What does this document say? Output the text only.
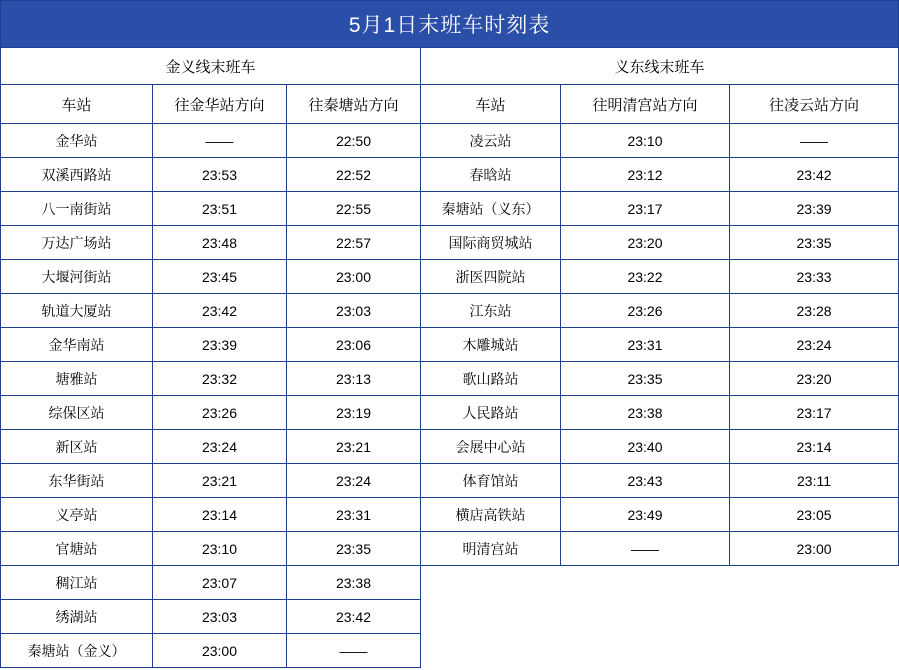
5月1日末班车时刻表					
金义线末班车			义东线末班车		
车站	往金华站方向	往秦塘站方向	车站	往明清宫站方向	往凌云站方向
金华站	——	22:50	凌云站	23:10	——
双溪西路站	23:53	22:52	春晗站	23:12	23:42
八一南街站	23:51	22:55	秦塘站（义东）	23:17	23:39
万达广场站	23:48	22:57	国际商贸城站	23:20	23:35
大堰河街站	23:45	23:00	浙医四院站	23:22	23:33
轨道大厦站	23:42	23:03	江东站	23:26	23:28
金华南站	23:39	23:06	木雕城站	23:31	23:24
塘雅站	23:32	23:13	歌山路站	23:35	23:20
综保区站	23:26	23:19	人民路站	23:38	23:17
新区站	23:24	23:21	会展中心站	23:40	23:14
东华街站	23:21	23:24	体育馆站	23:43	23:11
义亭站	23:14	23:31	横店高铁站	23:49	23:05
官塘站	23:10	23:35	明清宫站	——	23:00
稠江站	23:07	23:38			
绣湖站	23:03	23:42			
秦塘站（金义）	23:00	——			
